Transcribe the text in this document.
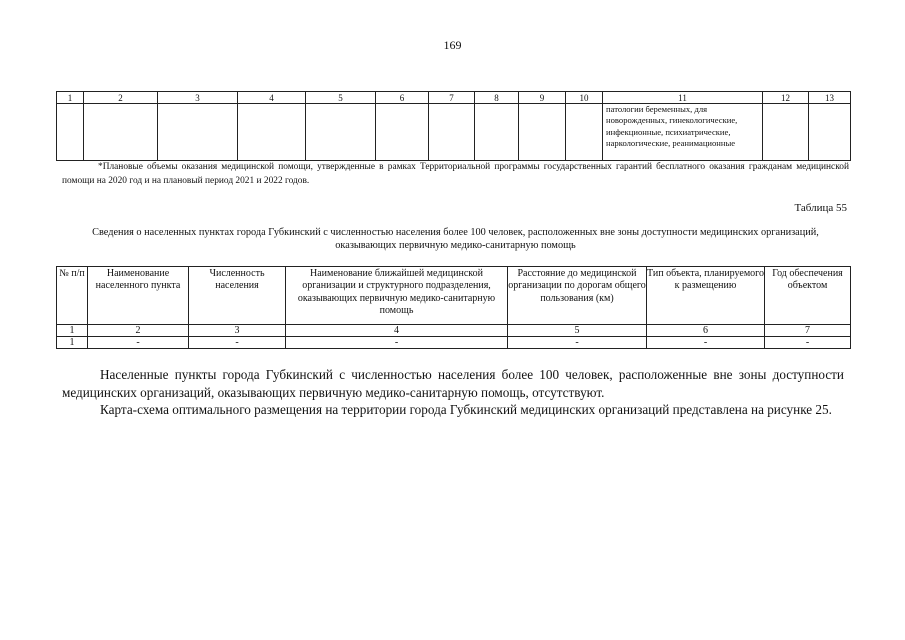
169
1	2	3	4	5	6	7	8	9	10	11	12	13

										патологии беременных, для
новорожденных, гинекологические,
инфекционные, психиатрические,
наркологические, реанимационные		

*Плановые объемы оказания медицинской помощи, утвержденные в рамках Территориальной программы государственных гарантий бесплатного оказания гражданам медицинской помощи на 2020 год и на плановый период 2021 и 2022 годов.
Таблица 55
Сведения о населенных пунктах города Губкинский с численностью населения более 100 человек, расположенных вне зоны доступности медицинских организаций, оказывающих первичную медико-санитарную помощь
№ п/п	Наименование населенного пункта	Численность населения	Наименование ближайшей медицинской организации и структурного подразделения, оказывающих первичную медико-санитарную помощь	Расстояние до медицинской организации по дорогам общего пользования (км)	Тип объекта, планируемого к размещению	Год обеспечения объектом
1	2	3	4	5	6	7
1	-	-	-	-	-	-
Населенные пункты города Губкинский с численностью населения более 100 человек, расположенные вне зоны доступности медицинских организаций, оказывающих первичную медико-санитарную помощь, отсутствуют.
Карта-схема оптимального размещения на территории города Губкинский медицинских организаций представлена на рисунке 25.
